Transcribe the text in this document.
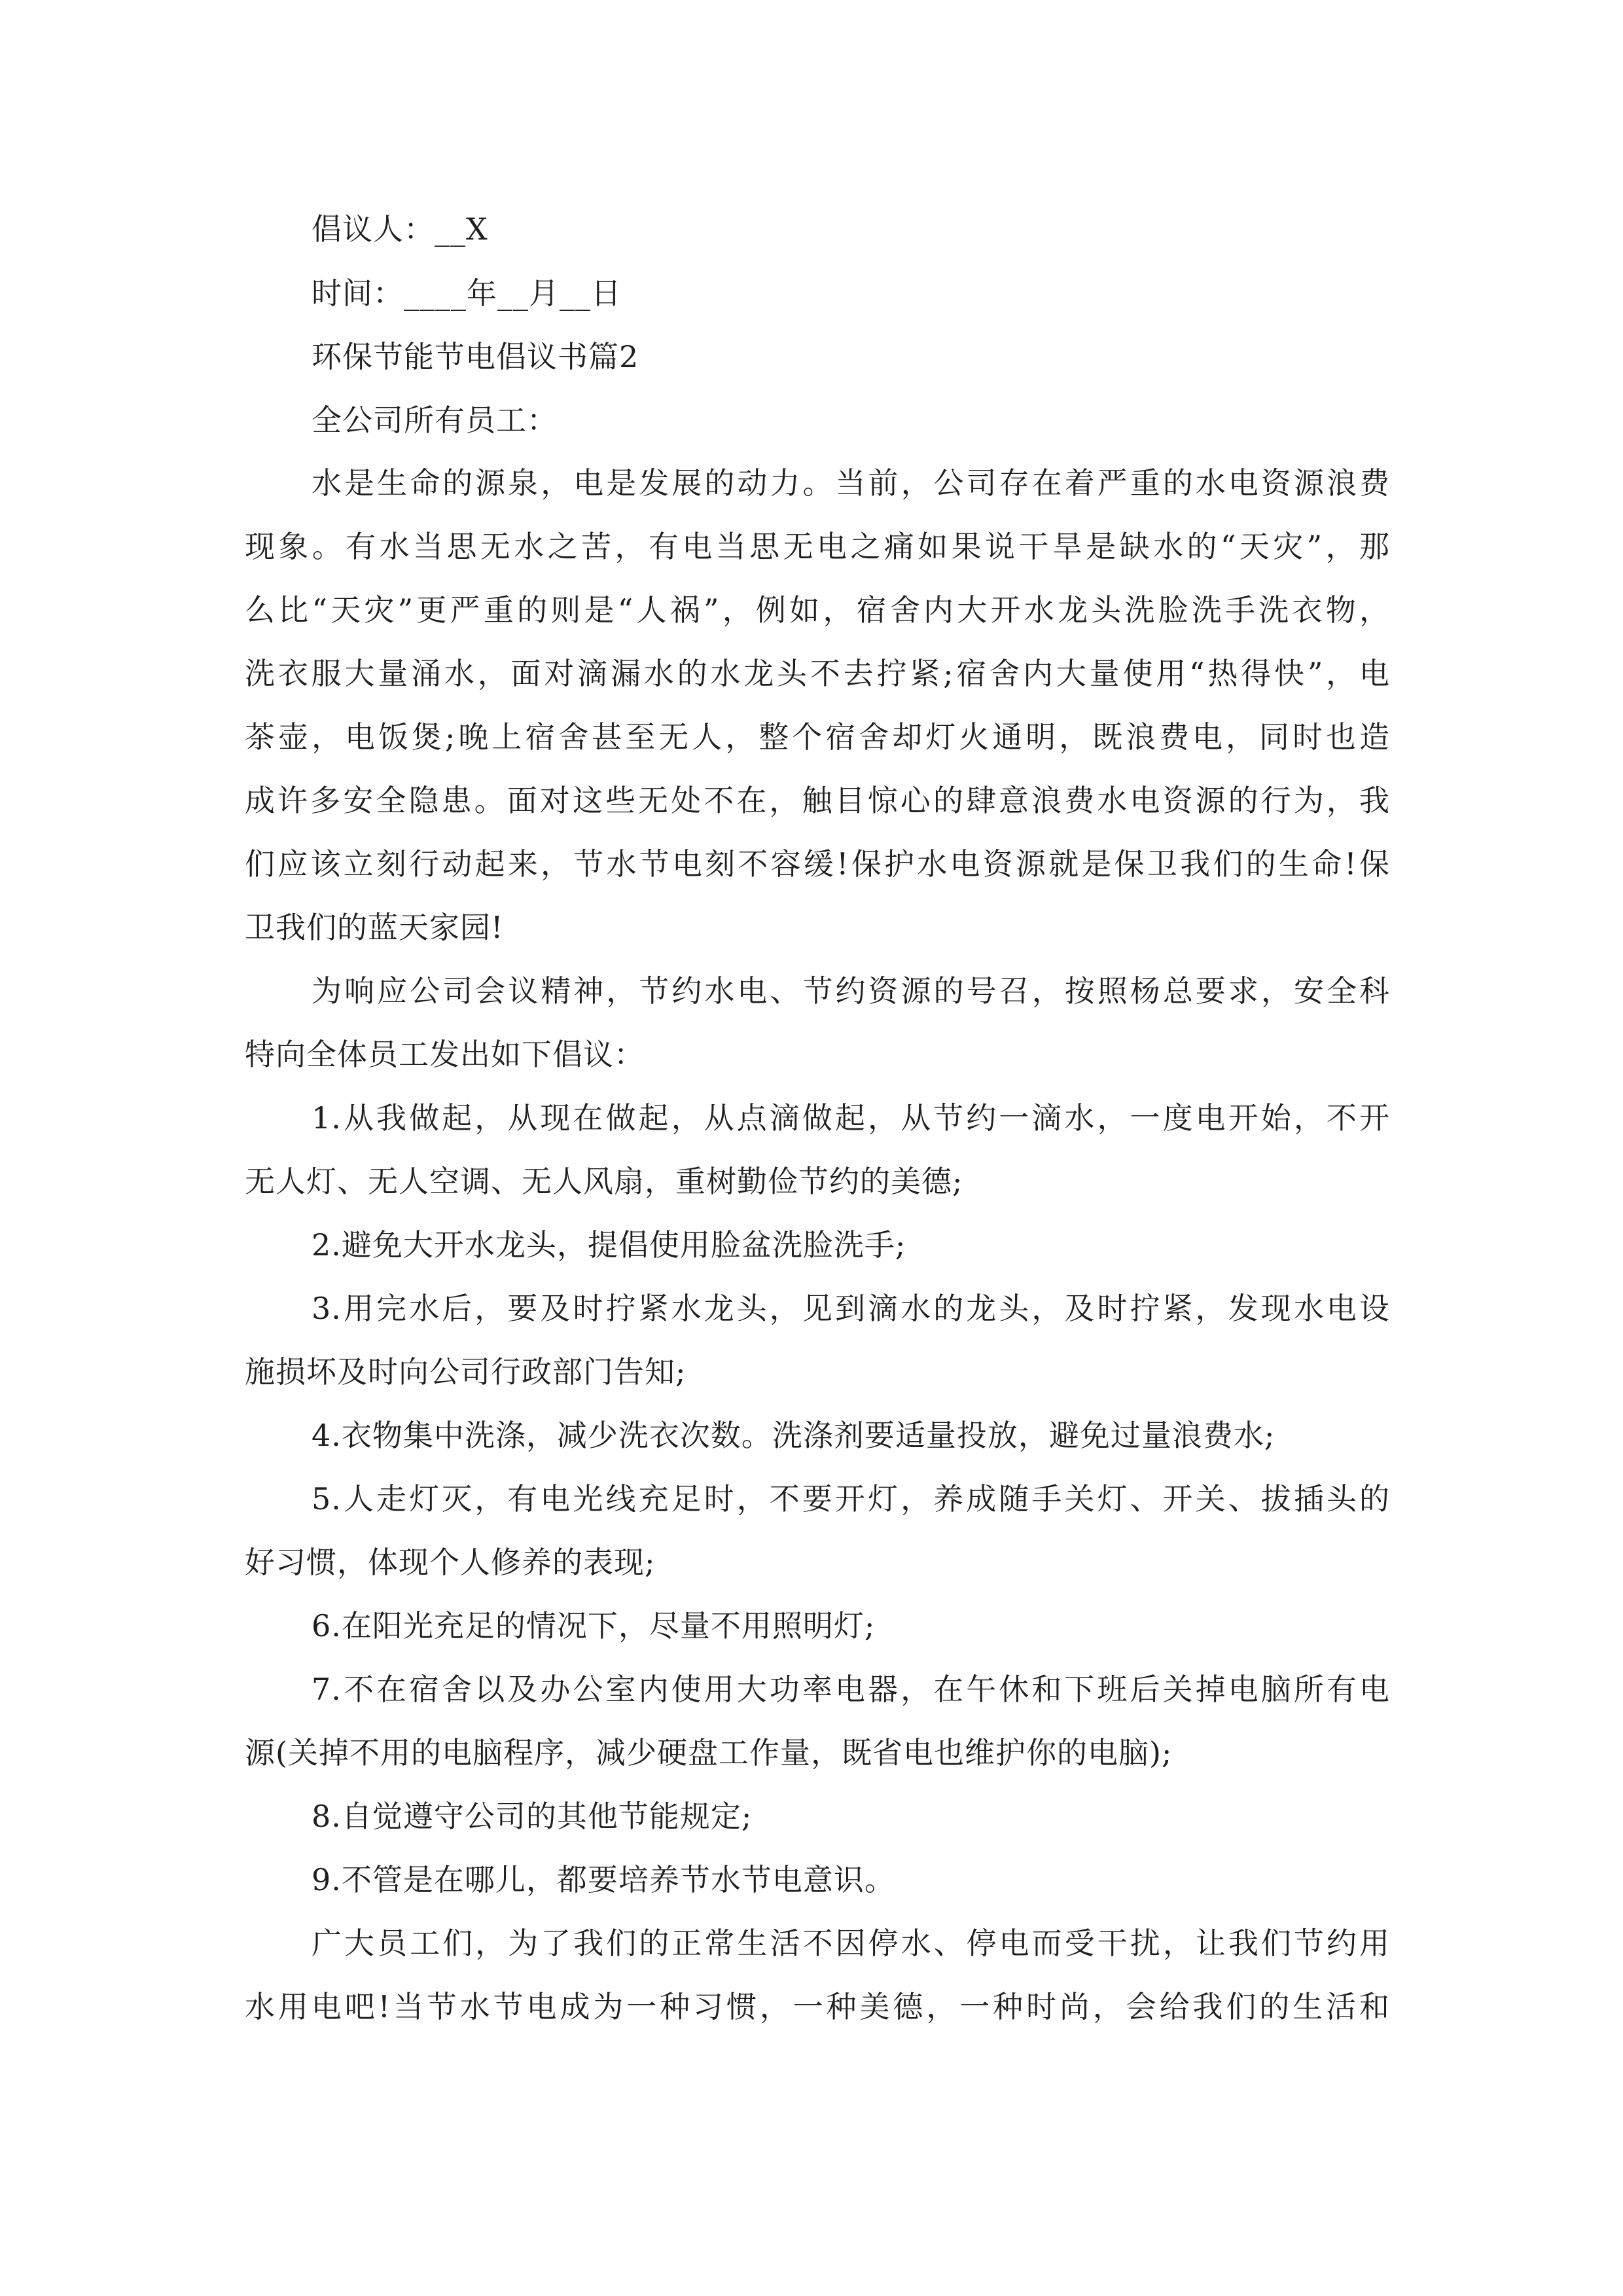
倡议人：__X
时间：____年__月__日
环保节能节电倡议书篇2
全公司所有员工：
水是生命的源泉，电是发展的动力。当前，公司存在着严重的水电资源浪费
现象。有水当思无水之苦，有电当思无电之痛如果说干旱是缺水的“天灾”，那
么比“天灾”更严重的则是“人祸”，例如，宿舍内大开水龙头洗脸洗手洗衣物，
洗衣服大量涌水，面对滴漏水的水龙头不去拧紧;宿舍内大量使用“热得快”，电
茶壶，电饭煲;晚上宿舍甚至无人，整个宿舍却灯火通明，既浪费电，同时也造
成许多安全隐患。面对这些无处不在，触目惊心的肆意浪费水电资源的行为，我
们应该立刻行动起来，节水节电刻不容缓!保护水电资源就是保卫我们的生命!保
卫我们的蓝天家园!
为响应公司会议精神，节约水电、节约资源的号召，按照杨总要求，安全科
特向全体员工发出如下倡议：
1.从我做起，从现在做起，从点滴做起，从节约一滴水，一度电开始，不开
无人灯、无人空调、无人风扇，重树勤俭节约的美德;
2.避免大开水龙头，提倡使用脸盆洗脸洗手;
3.用完水后，要及时拧紧水龙头，见到滴水的龙头，及时拧紧，发现水电设
施损坏及时向公司行政部门告知;
4.衣物集中洗涤，减少洗衣次数。洗涤剂要适量投放，避免过量浪费水;
5.人走灯灭，有电光线充足时，不要开灯，养成随手关灯、开关、拔插头的
好习惯，体现个人修养的表现;
6.在阳光充足的情况下，尽量不用照明灯;
7.不在宿舍以及办公室内使用大功率电器，在午休和下班后关掉电脑所有电
源(关掉不用的电脑程序，减少硬盘工作量，既省电也维护你的电脑);
8.自觉遵守公司的其他节能规定;
9.不管是在哪儿，都要培养节水节电意识。
广大员工们，为了我们的正常生活不因停水、停电而受干扰，让我们节约用
水用电吧!当节水节电成为一种习惯，一种美德，一种时尚，会给我们的生活和
